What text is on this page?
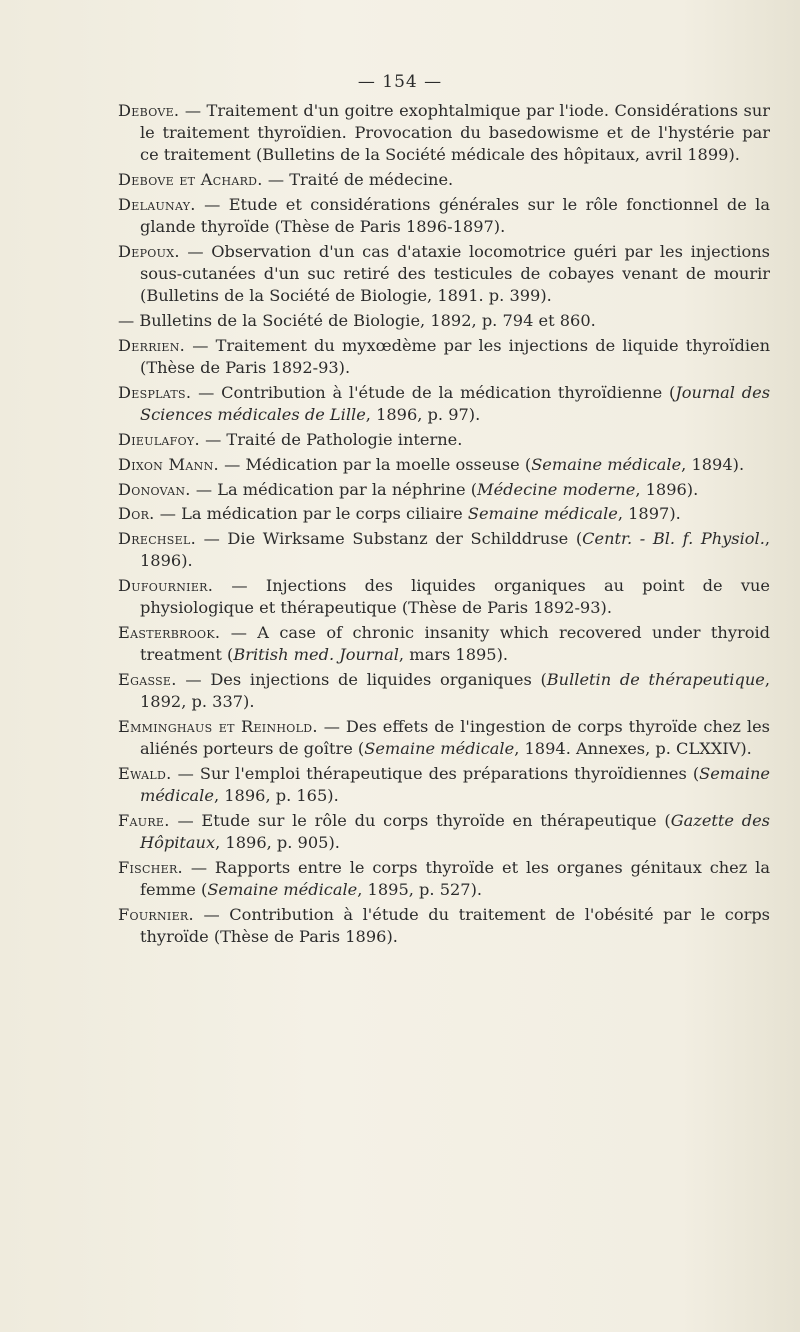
— 154 —

Debove. — Traitement d'un goitre exophtalmique par l'iode. Considérations sur le traitement thyroïdien. Provocation du basedowisme et de l'hystérie par ce traitement (Bulletins de la Société médicale des hôpitaux, avril 1899).

Debove et Achard. — Traité de médecine.

Delaunay. — Etude et considérations générales sur le rôle fonctionnel de la glande thyroïde (Thèse de Paris 1896-1897).

Depoux. — Observation d'un cas d'ataxie locomotrice guéri par les injections sous-cutanées d'un suc retiré des testicules de cobayes venant de mourir (Bulletins de la Société de Biologie, 1891. p. 399).

— Bulletins de la Société de Biologie, 1892, p. 794 et 860.

Derrien. — Traitement du myxœdème par les injections de liquide thyroïdien (Thèse de Paris 1892-93).

Desplats. — Contribution à l'étude de la médication thyroïdienne (Journal des Sciences médicales de Lille, 1896, p. 97).

Dieulafoy. — Traité de Pathologie interne.

Dixon Mann. — Médication par la moelle osseuse (Semaine médicale, 1894).

Donovan. — La médication par la néphrine (Médecine moderne, 1896).

Dor. — La médication par le corps ciliaire Semaine médicale, 1897).

Drechsel. — Die Wirksame Substanz der Schilddruse (Centr. - Bl. f. Physiol., 1896).

Dufournier. — Injections des liquides organiques au point de vue physiologique et thérapeutique (Thèse de Paris 1892-93).

Easterbrook. — A case of chronic insanity which recovered under thyroid treatment (British med. Journal, mars 1895).

Egasse. — Des injections de liquides organiques (Bulletin de thérapeutique, 1892, p. 337).

Emminghaus et Reinhold. — Des effets de l'ingestion de corps thyroïde chez les aliénés porteurs de goître (Semaine médicale, 1894. Annexes, p. CLXXIV).

Ewald. — Sur l'emploi thérapeutique des préparations thyroïdiennes (Semaine médicale, 1896, p. 165).

Faure. — Etude sur le rôle du corps thyroïde en thérapeutique (Gazette des Hôpitaux, 1896, p. 905).

Fischer. — Rapports entre le corps thyroïde et les organes génitaux chez la femme (Semaine médicale, 1895, p. 527).

Fournier. — Contribution à l'étude du traitement de l'obésité par le corps thyroïde (Thèse de Paris 1896).
